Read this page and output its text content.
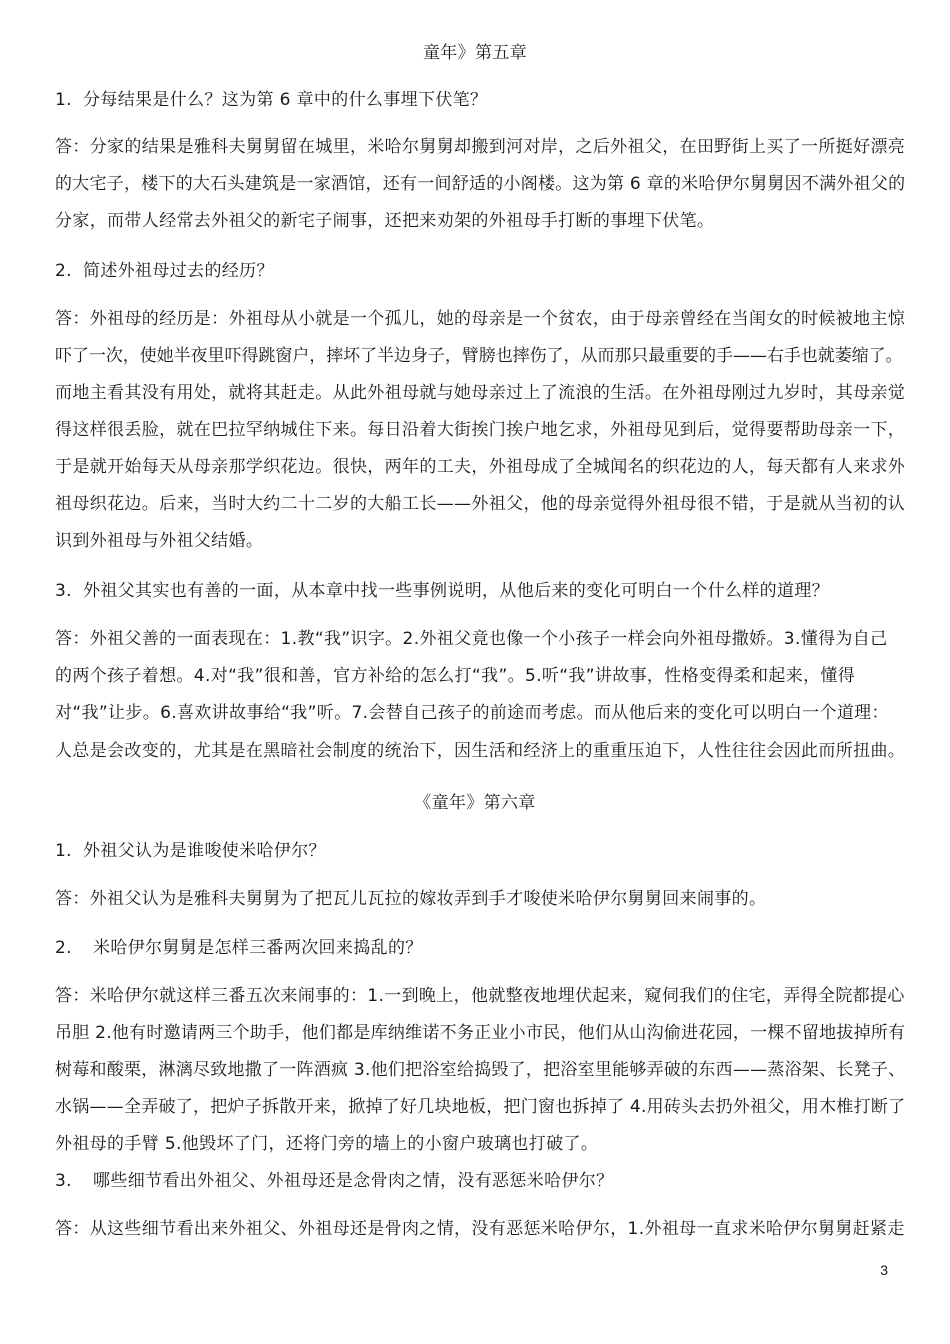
童年》第五章
1. 分每结果是什么？这为第 6 章中的什么事埋下伏笔？
答：分家的结果是雅科夫舅舅留在城里，米哈尔舅舅却搬到河对岸，之后外祖父，在田野街上买了一所挺好漂亮
的大宅子，楼下的大石头建筑是一家酒馆，还有一间舒适的小阁楼。这为第 6 章的米哈伊尔舅舅因不满外祖父的
分家，而带人经常去外祖父的新宅子闹事，还把来劝架的外祖母手打断的事埋下伏笔。
2. 简述外祖母过去的经历？
答：外祖母的经历是：外祖母从小就是一个孤儿，她的母亲是一个贫农，由于母亲曾经在当闺女的时候被地主惊
吓了一次，使她半夜里吓得跳窗户，摔坏了半边身子，臂膀也摔伤了，从而那只最重要的手——右手也就萎缩了。
而地主看其没有用处，就将其赶走。从此外祖母就与她母亲过上了流浪的生活。在外祖母刚过九岁时，其母亲觉
得这样很丢脸，就在巴拉罕纳城住下来。每日沿着大街挨门挨户地乞求，外祖母见到后，觉得要帮助母亲一下，
于是就开始每天从母亲那学织花边。很快，两年的工夫，外祖母成了全城闻名的织花边的人，每天都有人来求外
祖母织花边。后来，当时大约二十二岁的大船工长——外祖父，他的母亲觉得外祖母很不错，于是就从当初的认
识到外祖母与外祖父结婚。
3. 外祖父其实也有善的一面，从本章中找一些事例说明，从他后来的变化可明白一个什么样的道理？
答：外祖父善的一面表现在：1.教“我”识字。2.外祖父竟也像一个小孩子一样会向外祖母撒娇。3.懂得为自己
的两个孩子着想。4.对“我”很和善，官方补给的怎么打“我”。5.听“我”讲故事，性格变得柔和起来，懂得
对“我”让步。6.喜欢讲故事给“我”听。7.会替自己孩子的前途而考虑。而从他后来的变化可以明白一个道理：
人总是会改变的，尤其是在黑暗社会制度的统治下，因生活和经济上的重重压迫下，人性往往会因此而所扭曲。
《童年》第六章
1. 外祖父认为是谁唆使米哈伊尔？
答：外祖父认为是雅科夫舅舅为了把瓦儿瓦拉的嫁妆弄到手才唆使米哈伊尔舅舅回来闹事的。
2. 米哈伊尔舅舅是怎样三番两次回来捣乱的？
答：米哈伊尔就这样三番五次来闹事的：1.一到晚上，他就整夜地埋伏起来，窥伺我们的住宅，弄得全院都提心
吊胆 2.他有时邀请两三个助手，他们都是库纳维诺不务正业小市民，他们从山沟偷进花园，一棵不留地拔掉所有
树莓和酸栗，淋漓尽致地撒了一阵酒疯 3.他们把浴室给捣毁了，把浴室里能够弄破的东西——蒸浴架、长凳子、
水锅——全弄破了，把炉子拆散开来，掀掉了好几块地板，把门窗也拆掉了 4.用砖头去扔外祖父，用木椎打断了
外祖母的手臂 5.他毁坏了门，还将门旁的墙上的小窗户玻璃也打破了。
3. 哪些细节看出外祖父、外祖母还是念骨肉之情，没有恶惩米哈伊尔？
答：从这些细节看出来外祖父、外祖母还是骨肉之情，没有恶惩米哈伊尔，1.外祖母一直求米哈伊尔舅舅赶紧走
3
